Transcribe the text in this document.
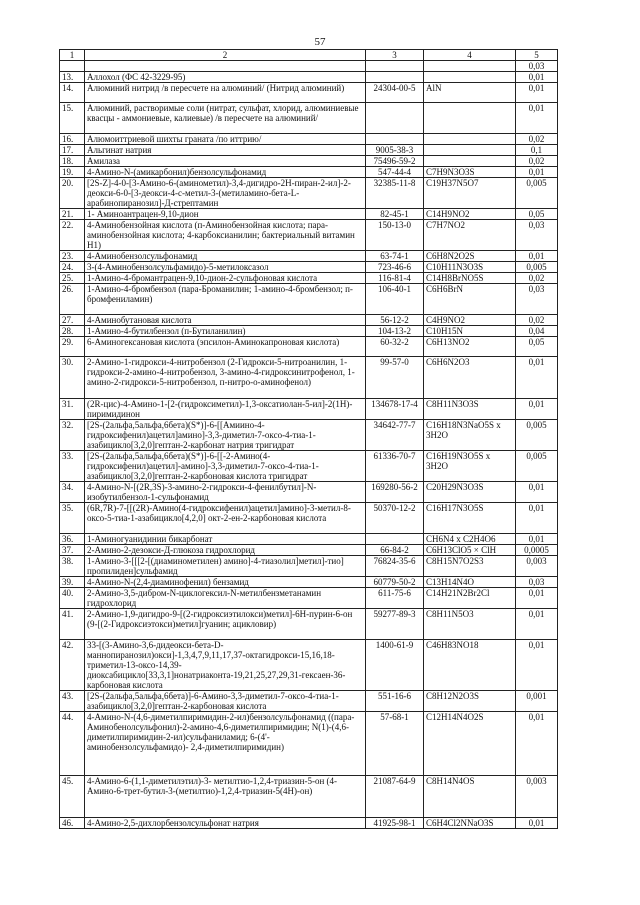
57
1	2	3	4	5
				0,03
13.	Аллохол (ФС 42-3229-95)			0,01
14.	Алюминий нитрид /в пересчете на алюминий/ (Нитрид алюминий)	24304-00-5	AlN	0,01
15.	Алюминий, растворимые соли (нитрат, сульфат, хлорид, алюминиевые квасцы - аммониевые, калиевые) /в пересчете на алюминий/			0,01
16.	Алюмоиттриевой шихты граната /по иттрию/			0,02
17.	Альгинат натрия	9005-38-3		0,1
18.	Амилаза	75496-59-2		0,02
19.	4-Амино-N-(амикарбонил)бензолсульфонамид	547-44-4	C7H9N3O3S	0,01
20.	[2S-Z]-4-0-[3-Амино-6-(аминометил)-3,4-дигидро-2H-пиран-2-ил]-2-деокси-6-0-[3-деокси-4-с-метил-3-(метиламино-бета-L-арабинопиранозил]-Д-стрептамин	32385-11-8	C19H37N5O7	0,005
21.	1- Аминоантрацен-9,10-дион	82-45-1	C14H9NO2	0,05
22.	4-Аминобензойная кислота (п-Аминобензойная кислота; пара-аминобензойная кислота; 4-карбоксианилин; бактериальный витамин H1)	150-13-0	C7H7NO2	0,03
23.	4-Аминобензолсульфонамид	63-74-1	C6H8N2O2S	0,01
24.	3-(4-Аминобензолсульфамидо)-5-метилоксазол	723-46-6	C10H11N3O3S	0,005
25.	1-Амино-4-бромантрацен-9,10-дион-2-сульфоновая кислота	116-81-4	C14H8BrNO5S	0,02
26.	1-Амино-4-бромбензол (пара-Броманилин; 1-амино-4-бромбензол; п-бромфениламин)	106-40-1	C6H6BrN	0,03
27.	4-Аминобутановая кислота	56-12-2	C4H9NO2	0,02
28.	1-Амино-4-бутилбензол (п-Бутиланилин)	104-13-2	C10H15N	0,04
29.	6-Аминогексановая кислота (эпсилон-Аминокапроновая кислота)	60-32-2	C6H13NO2	0,05
30.	2-Амино-1-гидрокси-4-нитробензол (2-Гидрокси-5-нитроанилин, 1-гидрокси-2-амино-4-нитробензол, 3-амино-4-гидроксинитрофенол, 1-амино-2-гидрокси-5-нитробензол, п-нитро-о-аминофенол)	99-57-0	C6H6N2O3	0,01
31.	(2R-цис)-4-Амино-1-[2-(гидроксиметил)-1,3-оксатиолан-5-ил]-2(1H)-пиримидинон	134678-17-4	C8H11N3O3S	0,01
32.	[2S-(2альфа,5альфа,6бета)(S*)]-6-[[Амиино-4-гидроксифенил)ацетил]амино]-3,3-диметил-7-оксо-4-тиа-1-азабицикло[3,2,0]гептан-2-карбонат натрия тригидрат	34642-77-7	C16H18N3NaO5S x 3H2O	0,005
33.	[2S-(2альфа,5альфа,6бета)(S*)]-6-[[-2-Амино(4-гидроксифенил)ацетил]-амино]-3,3-диметил-7-оксо-4-тиа-1-азабицикло[3,2,0]гептан-2-карбоновая кислота тригидрат	61336-70-7	C16H19N3O5S x 3H2O	0,005
34.	4-Амино-N-[(2R,3S)-3-амино-2-гидрокси-4-фенилбутил]-N-изобутилбензол-1-сульфонамид	169280-56-2	C20H29N3O3S	0,01
35.	(6R,7R)-7-[[(2R)-Амино(4-гидроксифенил)ацетил]амино]-3-метил-8-оксо-5-тиа-1-азабицикло[4,2,0] окт-2-ен-2-карбоновая кислота	50370-12-2	C16H17N3O5S	0,01
36.	1-Аминогуанидинии бикарбонат		CH6N4 x C2H4O6	0,01
37.	2-Амино-2-дезокси-Д-глюкоза гидрохлорид	66-84-2	C6H13ClO5 × ClH	0,0005
38.	1-Амино-3-[[[2-[(диаминометилен) амино]-4-тиазолил]метил]-тио] пропилиден]сульфамид	76824-35-6	C8H15N7O2S3	0,003
39.	4-Амино-N-(2,4-диаминофенил) бензамид	60779-50-2	C13H14N4O	0,03
40.	2-Амино-3,5-дибром-N-циклогексил-N-метилбензметанамин гидрохлорид	611-75-6	C14H21N2Br2Cl	0,01
41.	2-Амино-1,9-дигидро-9-[(2-гидроксиэтилокси)метил]-6H-пурин-6-он (9-[(2-Гидроксиэтокси)метил]гуанин; ацикловир)	59277-89-3	C8H11N5O3	0,01
42.	33-[(3-Амино-3,6-дидеокси-бета-D-маннопиранозил)окси]-1,3,4,7,9,11,17,37-октагидрокси-15,16,18-триметил-13-оксо-14,39-диоксабицикло[33,3,1]нонатриаконта-19,21,25,27,29,31-гексаен-36-карбоновая кислота	1400-61-9	C46H83NO18	0,01
43.	[2S-(2альфа,5альфа,6бета)]-6-Амино-3,3-диметил-7-оксо-4-тиа-1-азабицикло[3,2,0]гептан-2-карбоновая кислота	551-16-6	C8H12N2O3S	0,001
44.	4-Амино-N-(4,6-диметилпиримидин-2-ил)бензолсульфонамид ((пара-Аминобенолсульфонил)-2-амино-4,6-диметилпиримидин; N(1)-(4,6- диметилпиримидин-2-ил)сульфаниламид; 6-(4'-аминобензолсульфамидо)- 2,4-диметилпиримидин)	57-68-1	C12H14N4O2S	0,01
45.	4-Амино-6-(1,1-диметилэтил)-3- метилтио-1,2,4-триазин-5-он (4-Амино-6-трет-бутил-3-(метилтио)-1,2,4-триазин-5(4H)-он)	21087-64-9	C8H14N4OS	0,003
46.	4-Амино-2,5-дихлорбензолсульфонат натрия	41925-98-1	C6H4Cl2NNaO3S	0,01
